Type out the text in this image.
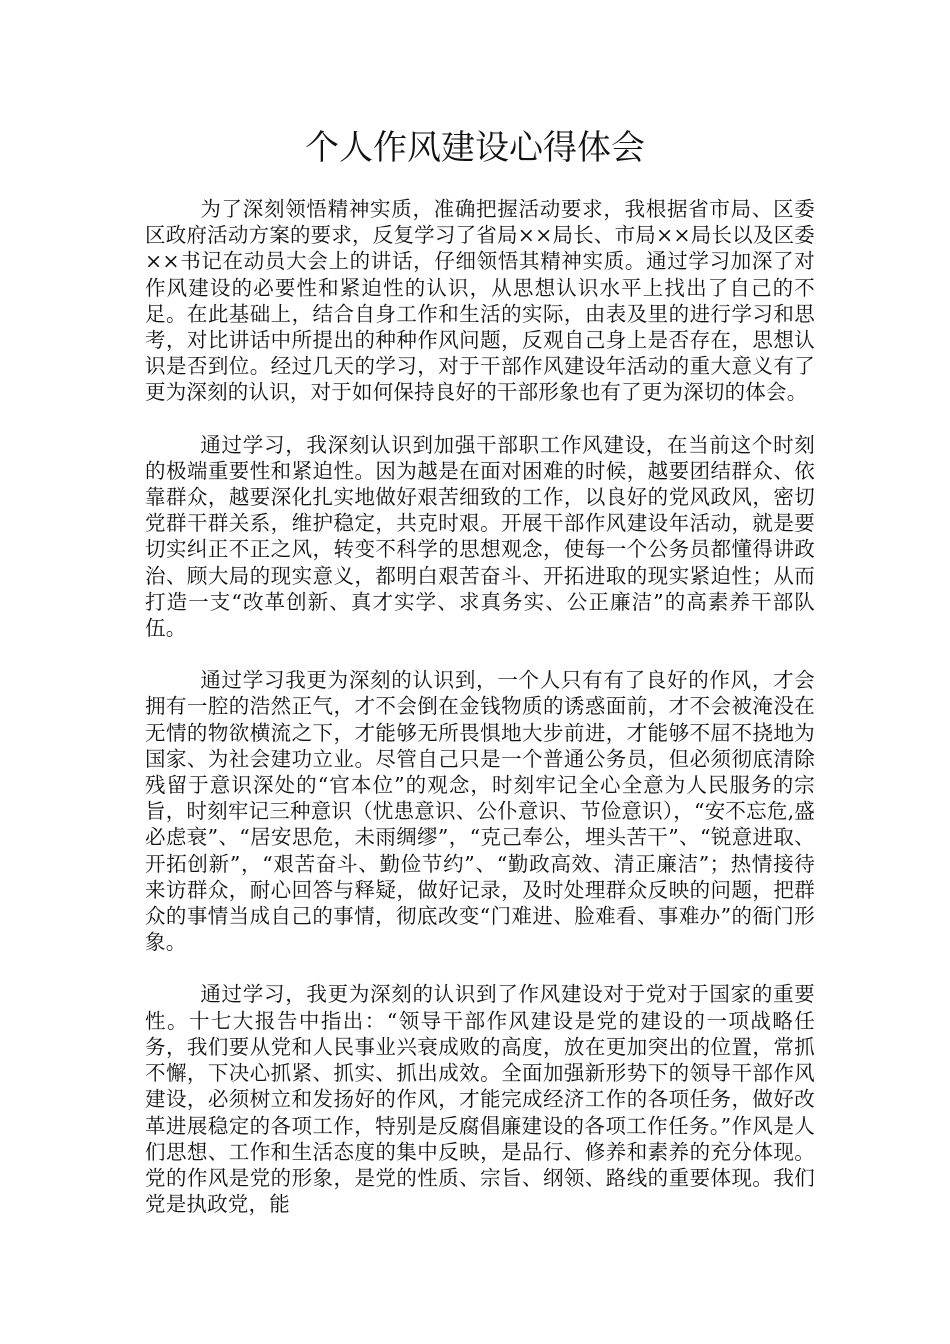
个人作风建设心得体会

为了深刻领悟精神实质，准确把握活动要求，我根据省市局、区委区政府活动方案的要求，反复学习了省局××局长、市局××局长以及区委××书记在动员大会上的讲话，仔细领悟其精神实质。通过学习加深了对作风建设的必要性和紧迫性的认识，从思想认识水平上找出了自己的不足。在此基础上，结合自身工作和生活的实际，由表及里的进行学习和思考，对比讲话中所提出的种种作风问题，反观自己身上是否存在，思想认识是否到位。经过几天的学习，对于干部作风建设年活动的重大意义有了更为深刻的认识，对于如何保持良好的干部形象也有了更为深切的体会。

通过学习，我深刻认识到加强干部职工作风建设，在当前这个时刻的极端重要性和紧迫性。因为越是在面对困难的时候，越要团结群众、依靠群众，越要深化扎实地做好艰苦细致的工作，以良好的党风政风，密切党群干群关系，维护稳定，共克时艰。开展干部作风建设年活动，就是要切实纠正不正之风，转变不科学的思想观念，使每一个公务员都懂得讲政治、顾大局的现实意义，都明白艰苦奋斗、开拓进取的现实紧迫性；从而打造一支“改革创新、真才实学、求真务实、公正廉洁”的高素养干部队伍。

通过学习我更为深刻的认识到，一个人只有有了良好的作风，才会拥有一腔的浩然正气，才不会倒在金钱物质的诱惑面前，才不会被淹没在无情的物欲横流之下，才能够无所畏惧地大步前进，才能够不屈不挠地为国家、为社会建功立业。尽管自己只是一个普通公务员，但必须彻底清除残留于意识深处的“官本位”的观念，时刻牢记全心全意为人民服务的宗旨，时刻牢记三种意识（忧患意识、公仆意识、节俭意识），“安不忘危,盛必虑衰”、“居安思危，未雨绸缪”，“克己奉公，埋头苦干”、“锐意进取、开拓创新”，“艰苦奋斗、勤俭节约”、“勤政高效、清正廉洁”；热情接待来访群众，耐心回答与释疑，做好记录，及时处理群众反映的问题，把群众的事情当成自己的事情，彻底改变“门难进、脸难看、事难办”的衙门形象。

通过学习，我更为深刻的认识到了作风建设对于党对于国家的重要性。十七大报告中指出：“领导干部作风建设是党的建设的一项战略任务，我们要从党和人民事业兴衰成败的高度，放在更加突出的位置，常抓不懈，下决心抓紧、抓实、抓出成效。全面加强新形势下的领导干部作风建设，必须树立和发扬好的作风，才能完成经济工作的各项任务，做好改革进展稳定的各项工作，特别是反腐倡廉建设的各项工作任务。”作风是人们思想、工作和生活态度的集中反映，是品行、修养和素养的充分体现。党的作风是党的形象，是党的性质、宗旨、纲领、路线的重要体现。我们党是执政党，能
